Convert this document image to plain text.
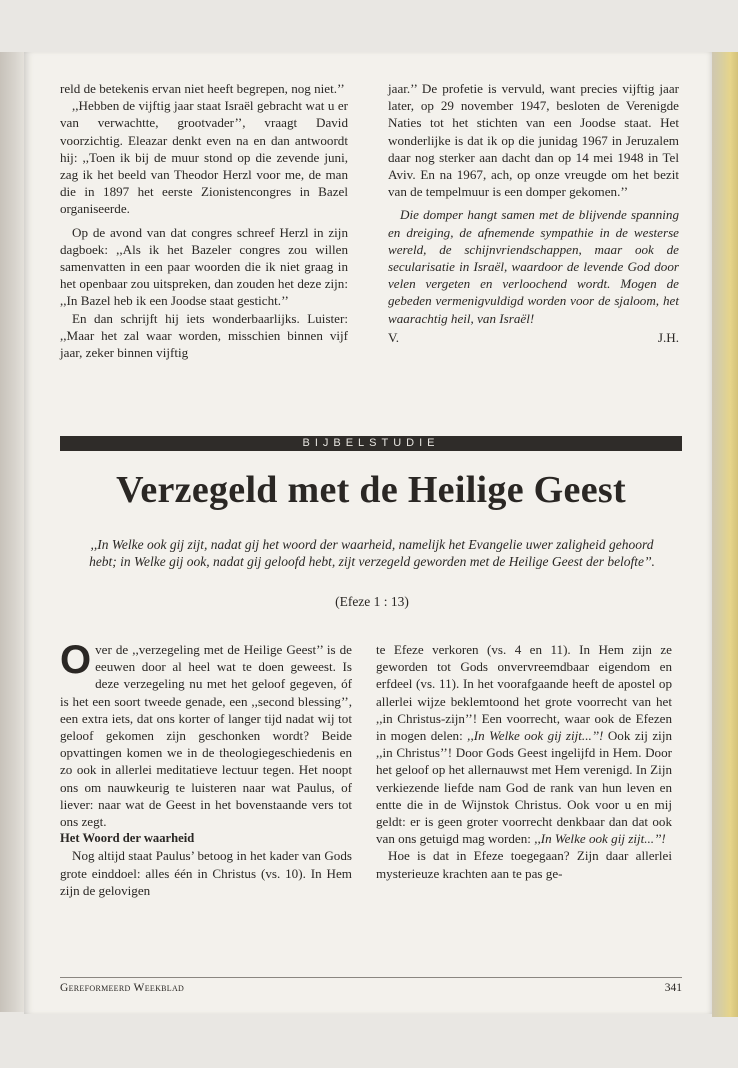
reld de betekenis ervan niet heeft begrepen, nog niet.’’

,,Hebben de vijftig jaar staat Israël gebracht wat u er van verwachtte, grootvader’’, vraagt David voorzichtig. Eleazar denkt even na en dan antwoordt hij: ,,Toen ik bij de muur stond op die zevende juni, zag ik het beeld van Theodor Herzl voor me, de man die in 1897 het eerste Zionistencongres in Bazel organiseerde.

Op de avond van dat congres schreef Herzl in zijn dagboek: ,,Als ik het Bazeler congres zou willen samenvatten in een paar woorden die ik niet graag in het openbaar zou uitspreken, dan zouden het deze zijn: ,,In Bazel heb ik een Joodse staat gesticht.’’

En dan schrijft hij iets wonderbaarlijks. Luister: ,,Maar het zal waar worden, misschien binnen vijf jaar, zeker binnen vijftig

jaar.’’ De profetie is vervuld, want precies vijftig jaar later, op 29 november 1947, besloten de Verenigde Naties tot het stichten van een Joodse staat. Het wonderlijke is dat ik op die junidag 1967 in Jeruzalem daar nog sterker aan dacht dan op 14 mei 1948 in Tel Aviv. En na 1967, ach, op onze vreugde om het bezit van de tempelmuur is een domper gekomen.’’

Die domper hangt samen met de blijvende spanning en dreiging, de afnemende sympathie in de westerse wereld, de schijnvriendschappen, maar ook de secularisatie in Israël, waardoor de levende God door velen vergeten en verloochend wordt. Mogen de gebeden vermenigvuldigd worden voor de sjaloom, het waarachtig heil, van Israël!

V.	J.H.
BIJBELSTUDIE
Verzegeld met de Heilige Geest
,,In Welke ook gij zijt, nadat gij het woord der waarheid, namelijk het Evangelie uwer zaligheid gehoord hebt; in Welke gij ook, nadat gij geloofd hebt, zijt verzegeld geworden met de Heilige Geest der belofte’’.
(Efeze 1 : 13)

Over de ,,verzegeling met de Heilige Geest’’ is de eeuwen door al heel wat te doen geweest. Is deze verzegeling nu met het geloof gegeven, óf is het een soort tweede genade, een ,,second blessing’’, een extra iets, dat ons korter of langer tijd nadat wij tot geloof gekomen zijn geschonken wordt? Beide opvattingen komen we in de theologiegeschiedenis en zo ook in allerlei meditatieve lectuur tegen. Het noopt ons om nauwkeurig te luisteren naar wat Paulus, of liever: naar wat de Geest in het bovenstaande vers tot ons zegt.

Het Woord der waarheid

Nog altijd staat Paulus’ betoog in het kader van Gods grote einddoel: alles één in Christus (vs. 10). In Hem zijn de gelovigen

te Efeze verkoren (vs. 4 en 11). In Hem zijn ze geworden tot Gods onvervreemdbaar eigendom en erfdeel (vs. 11). In het voorafgaande heeft de apostel op allerlei wijze beklemtoond het grote voorrecht van het ,,in Christus-zijn’’! Een voorrecht, waar ook de Efezen in mogen delen: ,,In Welke ook gij zijt...’’! Ook zij zijn ,,in Christus’’! Door Gods Geest ingelijfd in Hem. Door het geloof op het allernauwst met Hem verenigd. In Zijn verkiezende liefde nam God de rank van hun leven en entte die in de Wijnstok Christus. Ook voor u en mij geldt: er is geen groter voorrecht denkbaar dan dat ook van ons getuigd mag worden: ,,In Welke ook gij zijt...’’!

Hoe is dat in Efeze toegegaan? Zijn daar allerlei mysterieuze krachten aan te pas ge-

Gereformeerd Weekblad	341
